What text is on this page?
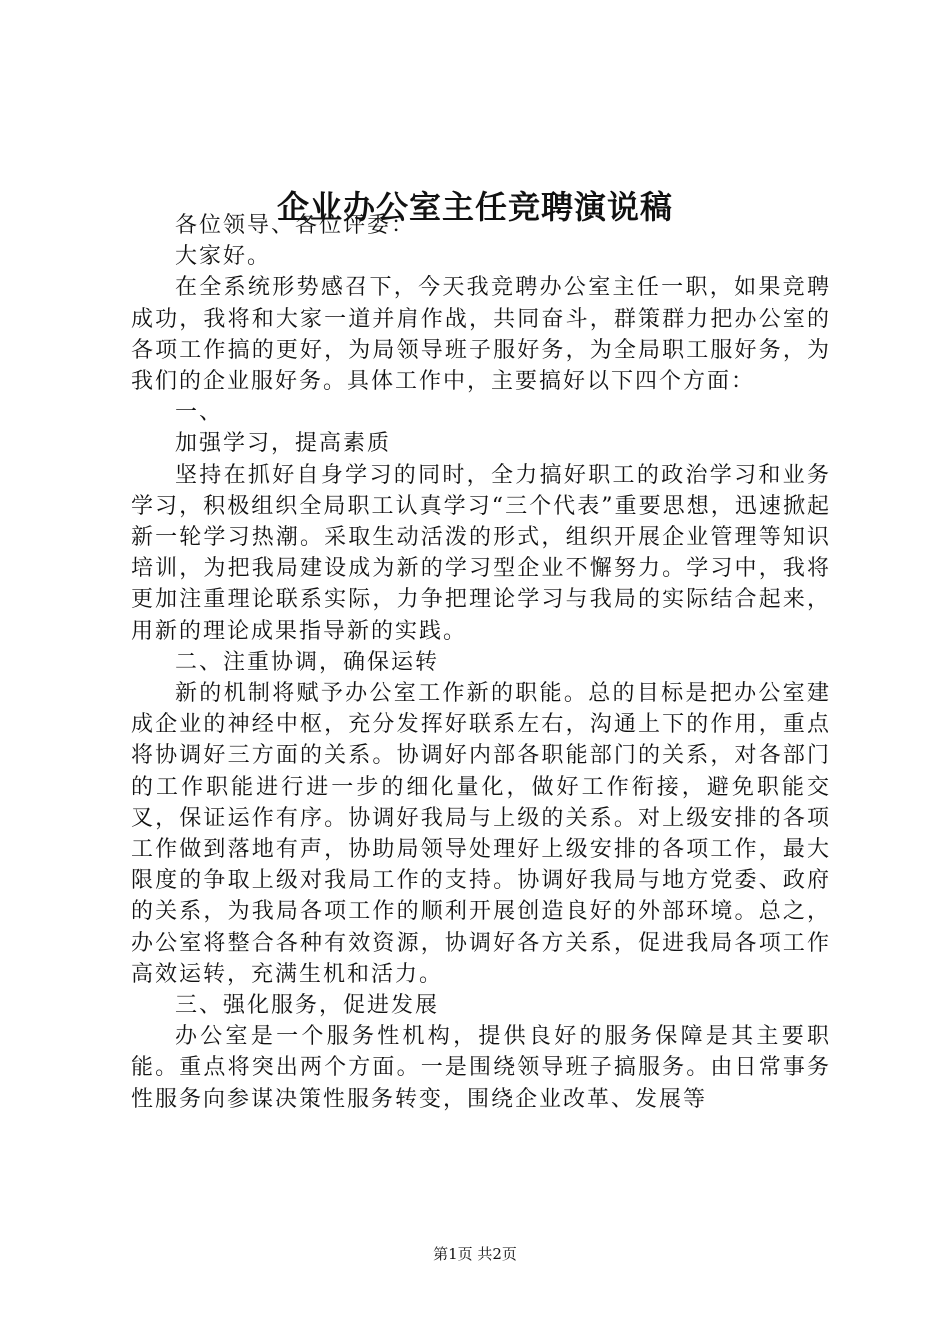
企业办公室主任竞聘演说稿

各位领导、各位评委：

大家好。

在全系统形势感召下，今天我竞聘办公室主任一职，如果竞聘成功，我将和大家一道并肩作战，共同奋斗，群策群力把办公室的各项工作搞的更好，为局领导班子服好务，为全局职工服好务，为我们的企业服好务。具体工作中，主要搞好以下四个方面：

一、

加强学习，提高素质

坚持在抓好自身学习的同时，全力搞好职工的政治学习和业务学习，积极组织全局职工认真学习“三个代表”重要思想，迅速掀起新一轮学习热潮。采取生动活泼的形式，组织开展企业管理等知识培训，为把我局建设成为新的学习型企业不懈努力。学习中，我将更加注重理论联系实际，力争把理论学习与我局的实际结合起来，用新的理论成果指导新的实践。

二、注重协调，确保运转

新的机制将赋予办公室工作新的职能。总的目标是把办公室建成企业的神经中枢，充分发挥好联系左右，沟通上下的作用，重点将协调好三方面的关系。协调好内部各职能部门的关系，对各部门的工作职能进行进一步的细化量化，做好工作衔接，避免职能交叉，保证运作有序。协调好我局与上级的关系。对上级安排的各项工作做到落地有声，协助局领导处理好上级安排的各项工作，最大限度的争取上级对我局工作的支持。协调好我局与地方党委、政府的关系，为我局各项工作的顺利开展创造良好的外部环境。总之，办公室将整合各种有效资源，协调好各方关系，促进我局各项工作高效运转，充满生机和活力。

三、强化服务，促进发展

办公室是一个服务性机构，提供良好的服务保障是其主要职能。重点将突出两个方面。一是围绕领导班子搞服务。由日常事务性服务向参谋决策性服务转变，围绕企业改革、发展等

第1页 共2页
